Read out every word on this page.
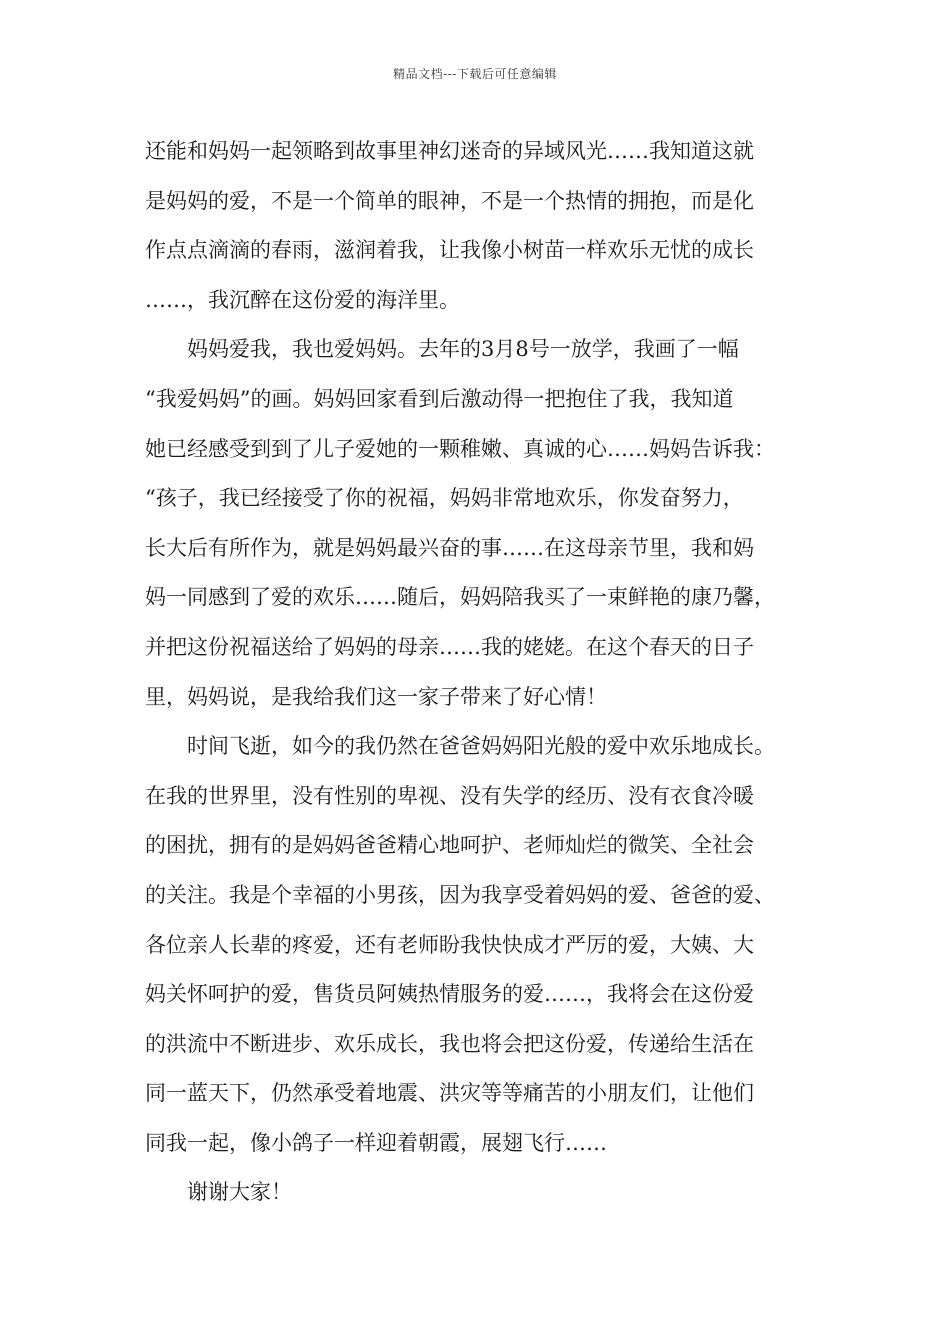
精品文档---下载后可任意编辑
还能和妈妈一起领略到故事里神幻迷奇的异域风光……我知道这就
是妈妈的爱，不是一个简单的眼神，不是一个热情的拥抱，而是化
作点点滴滴的春雨，滋润着我，让我像小树苗一样欢乐无忧的成长
……，我沉醉在这份爱的海洋里。
妈妈爱我，我也爱妈妈。去年的3月8号一放学，我画了一幅
“我爱妈妈”的画。妈妈回家看到后激动得一把抱住了我，我知道
她已经感受到到了儿子爱她的一颗稚嫩、真诚的心……妈妈告诉我：
“孩子，我已经接受了你的祝福，妈妈非常地欢乐，你发奋努力，
长大后有所作为，就是妈妈最兴奋的事……在这母亲节里，我和妈
妈一同感到了爱的欢乐……随后，妈妈陪我买了一束鲜艳的康乃馨，
并把这份祝福送给了妈妈的母亲……我的姥姥。在这个春天的日子
里，妈妈说，是我给我们这一家子带来了好心情！
时间飞逝，如今的我仍然在爸爸妈妈阳光般的爱中欢乐地成长。
在我的世界里，没有性别的卑视、没有失学的经历、没有衣食冷暖
的困扰，拥有的是妈妈爸爸精心地呵护、老师灿烂的微笑、全社会
的关注。我是个幸福的小男孩，因为我享受着妈妈的爱、爸爸的爱、
各位亲人长辈的疼爱，还有老师盼我快快成才严厉的爱，大姨、大
妈关怀呵护的爱，售货员阿姨热情服务的爱……，我将会在这份爱
的洪流中不断进步、欢乐成长，我也将会把这份爱，传递给生活在
同一蓝天下，仍然承受着地震、洪灾等等痛苦的小朋友们，让他们
同我一起，像小鸽子一样迎着朝霞，展翅飞行……
谢谢大家！
